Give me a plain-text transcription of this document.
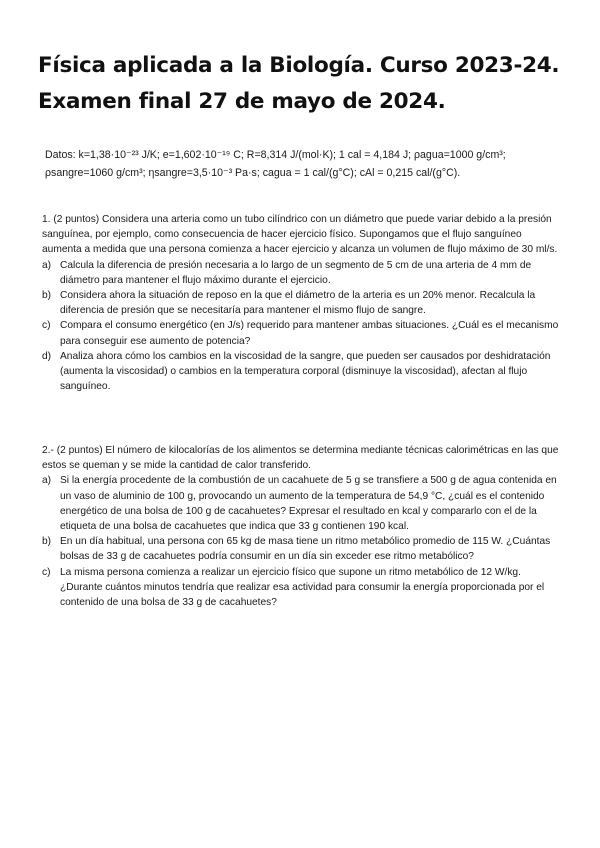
Física aplicada a la Biología. Curso 2023-24.
Examen final 27 de mayo de 2024.
Datos: k=1,38·10⁻²³ J/K; e=1,602·10⁻¹⁹ C; R=8,314 J/(mol·K); 1 cal = 4,184 J; ρagua=1000 g/cm³;
ρsangre=1060 g/cm³; ηsangre=3,5·10⁻³ Pa·s; cagua = 1 cal/(g°C); cAl = 0,215 cal/(g°C).

1. (2 puntos) Considera una arteria como un tubo cilíndrico con un diámetro que puede variar debido a la presión sanguínea, por ejemplo, como consecuencia de hacer ejercicio físico. Supongamos que el flujo sanguíneo aumenta a medida que una persona comienza a hacer ejercicio y alcanza un volumen de flujo máximo de 30 ml/s.

a) Calcula la diferencia de presión necesaria a lo largo de un segmento de 5 cm de una arteria de 4 mm de diámetro para mantener el flujo máximo durante el ejercicio.
b) Considera ahora la situación de reposo en la que el diámetro de la arteria es un 20% menor. Recalcula la diferencia de presión que se necesitaría para mantener el mismo flujo de sangre.
c) Compara el consumo energético (en J/s) requerido para mantener ambas situaciones. ¿Cuál es el mecanismo para conseguir ese aumento de potencia?
d) Analiza ahora cómo los cambios en la viscosidad de la sangre, que pueden ser causados por deshidratación (aumenta la viscosidad) o cambios en la temperatura corporal (disminuye la viscosidad), afectan al flujo sanguíneo.

2.- (2 puntos) El número de kilocalorías de los alimentos se determina mediante técnicas calorimétricas en las que estos se queman y se mide la cantidad de calor transferido.

a) Si la energía procedente de la combustión de un cacahuete de 5 g se transfiere a 500 g de agua contenida en un vaso de aluminio de 100 g, provocando un aumento de la temperatura de 54,9 °C, ¿cuál es el contenido energético de una bolsa de 100 g de cacahuetes? Expresar el resultado en kcal y compararlo con el de la etiqueta de una bolsa de cacahuetes que indica que 33 g contienen 190 kcal.
b) En un día habitual, una persona con 65 kg de masa tiene un ritmo metabólico promedio de 115 W. ¿Cuántas bolsas de 33 g de cacahuetes podría consumir en un día sin exceder ese ritmo metabólico?
c) La misma persona comienza a realizar un ejercicio físico que supone un ritmo metabólico de 12 W/kg. ¿Durante cuántos minutos tendría que realizar esa actividad para consumir la energía proporcionada por el contenido de una bolsa de 33 g de cacahuetes?
